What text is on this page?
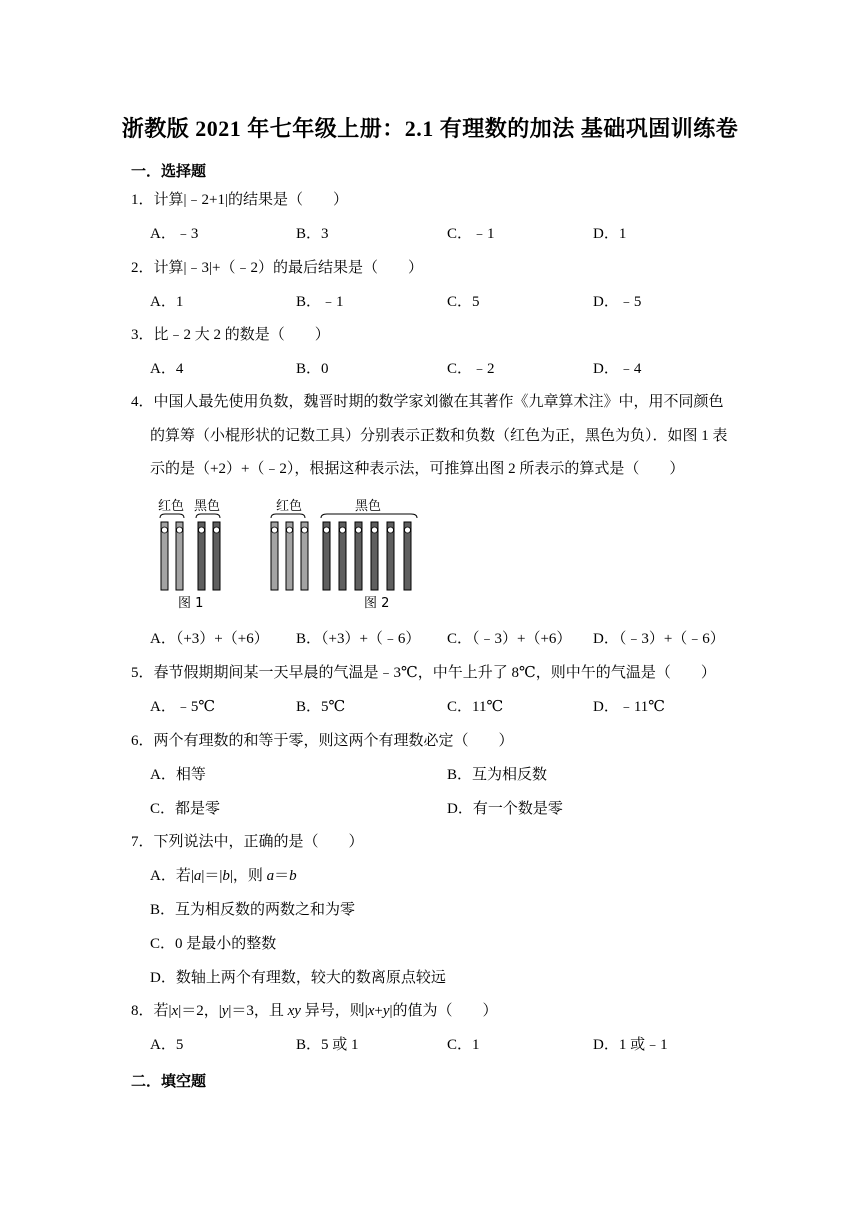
浙教版 2021 年七年级上册：2.1 有理数的加法 基础巩固训练卷
一．选择题
1．计算|﹣2+1|的结果是（　　）
A．﹣3	B．3	C．﹣1	D．1
2．计算|﹣3|+（﹣2）的最后结果是（　　）
A．1	B．﹣1	C．5	D．﹣5
3．比﹣2 大 2 的数是（　　）
A．4	B．0	C．﹣2	D．﹣4
4．中国人最先使用负数，魏晋时期的数学家刘徽在其著作《九章算术注》中，用不同颜色
的算筹（小棍形状的记数工具）分别表示正数和负数（红色为正，黑色为负）．如图 1 表
示的是（+2）+（﹣2），根据这种表示法，可推算出图 2 所表示的算式是（　　）
红色 黑色
图 1
红色	黑色
图 2
A．（+3）+（+6） B．（+3）+（﹣6） C．（﹣3）+（+6） D．（﹣3）+（﹣6）
5．春节假期期间某一天早晨的气温是﹣3℃，中午上升了 8℃，则中午的气温是（　　）
A．﹣5℃	B．5℃	C．11℃	D．﹣11℃
6．两个有理数的和等于零，则这两个有理数必定（　　）
A．相等	B．互为相反数
C．都是零	D．有一个数是零
7．下列说法中，正确的是（　　）
A．若|a|＝|b|，则 a＝b
B．互为相反数的两数之和为零
C．0 是最小的整数
D．数轴上两个有理数，较大的数离原点较远
8．若|x|＝2，|y|＝3，且 xy 异号，则|x+y|的值为（　　）
A．5	B．5 或 1	C．1	D．1 或﹣1
二．填空题
